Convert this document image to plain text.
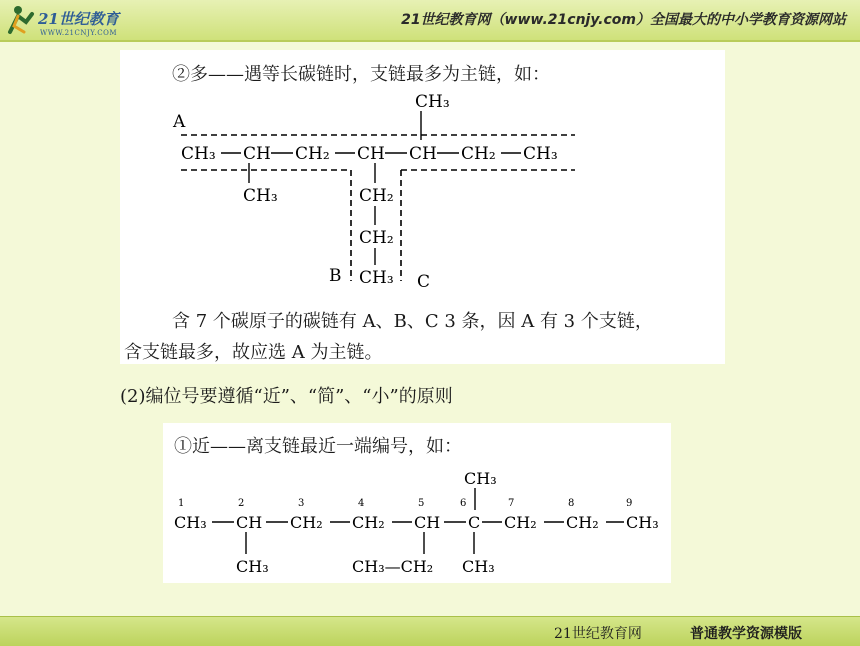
21世纪教育
WWW.21CNJY.COM
21世纪教育网（www.21cnjy.com）全国最大的中小学教育资源网站
②多——遇等长碳链时，支链最多为主链，如：
A
B	C
CH₃
CH₃ CH CH₂ CH CH CH₂ CH₃
CH₃	CH₂
CH₂
CH₃
含 7 个碳原子的碳链有 A、B、C 3 条，因 A 有 3 个支链，
含支链最多，故应选 A 为主链。
(2)编位号要遵循“近”、“简”、“小”的原则
①近——离支链最近一端编号，如：
CH₃
1	2	3	4	5	6	7	8	9
CH₃ CH CH₂ CH₂ CH C CH₂ CH₂ CH₃
CH₃	CH₃—CH₂ CH₃
21世纪教育网	普通教学资源模版
